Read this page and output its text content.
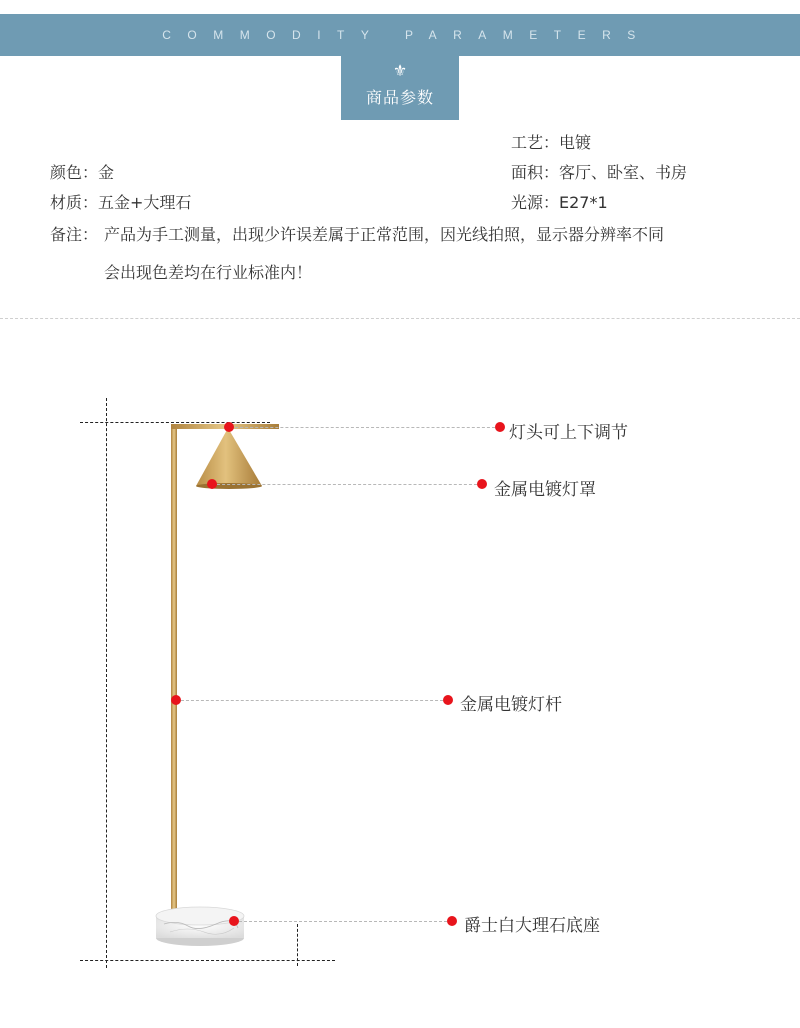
COMMODITY PARAMETERS
⚜
商品参数
工艺：电镀
颜色：金	面积：客厅、卧室、书房
材质：五金+大理石	光源：E27*1
备注： 产品为手工测量，出现少许误差属于正常范围，因光线拍照，显示器分辨率不同
会出现色差均在行业标准内！
灯头可上下调节
金属电镀灯罩
金属电镀灯杆
爵士白大理石底座
